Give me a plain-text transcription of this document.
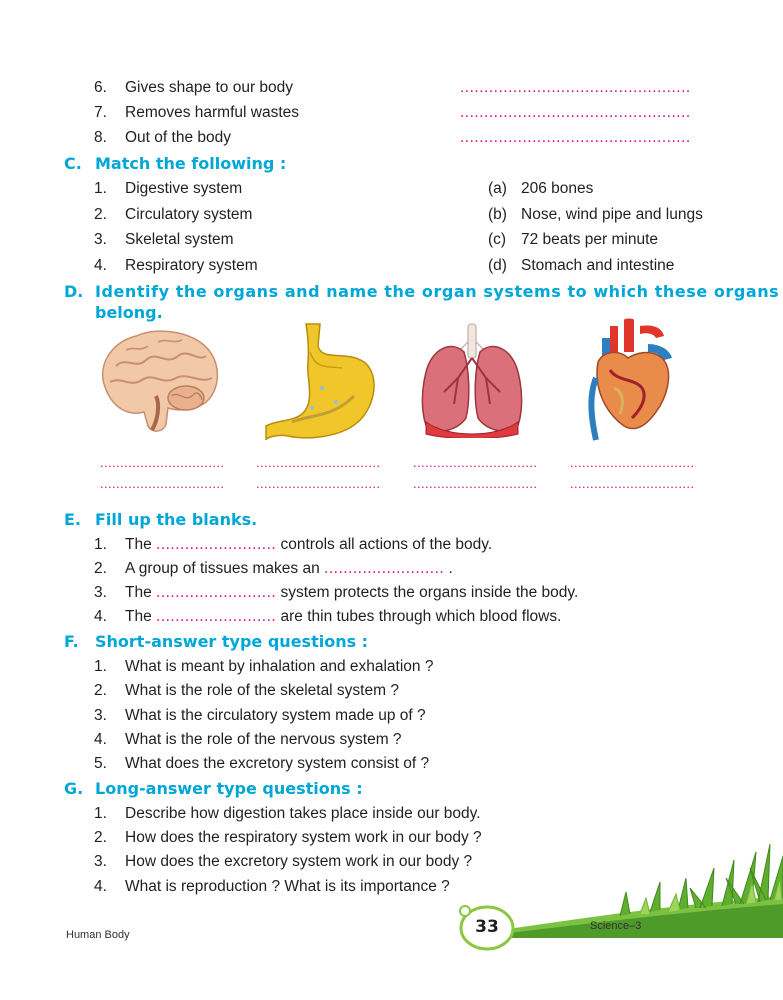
6.	Gives shape to our body	................................................
7.	Removes harmful wastes	................................................
8.	Out of the body	................................................
C. Match the following :
1.	Digestive system	(a) 206 bones
2.	Circulatory system	(b) Nose, wind pipe and lungs
3.	Skeletal system	(c) 72 beats per minute
4.	Respiratory system	(d) Stomach and intestine
D. Identify the organs and name the organ systems to which these organs
belong.
............................... ...............................	...............................	...............................
............................... ...............................	...............................	...............................
E. Fill up the blanks.
1.	The ......................... controls all actions of the body.
2.	A group of tissues makes an ......................... .
3.	The ......................... system protects the organs inside the body.
4.	The ......................... are thin tubes through which blood flows.
F. Short-answer type questions :
1.	What is meant by inhalation and exhalation ?
2.	What is the role of the skeletal system ?
3.	What is the circulatory system made up of ?
4.	What is the role of the nervous system ?
5.	What does the excretory system consist of ?
G. Long-answer type questions :
1.	Describe how digestion takes place inside our body.
2.	How does the respiratory system work in our body ?
3.	How does the excretory system work in our body ?
4.	What is reproduction ? What is its importance ?
33
Human Body
Science–3
